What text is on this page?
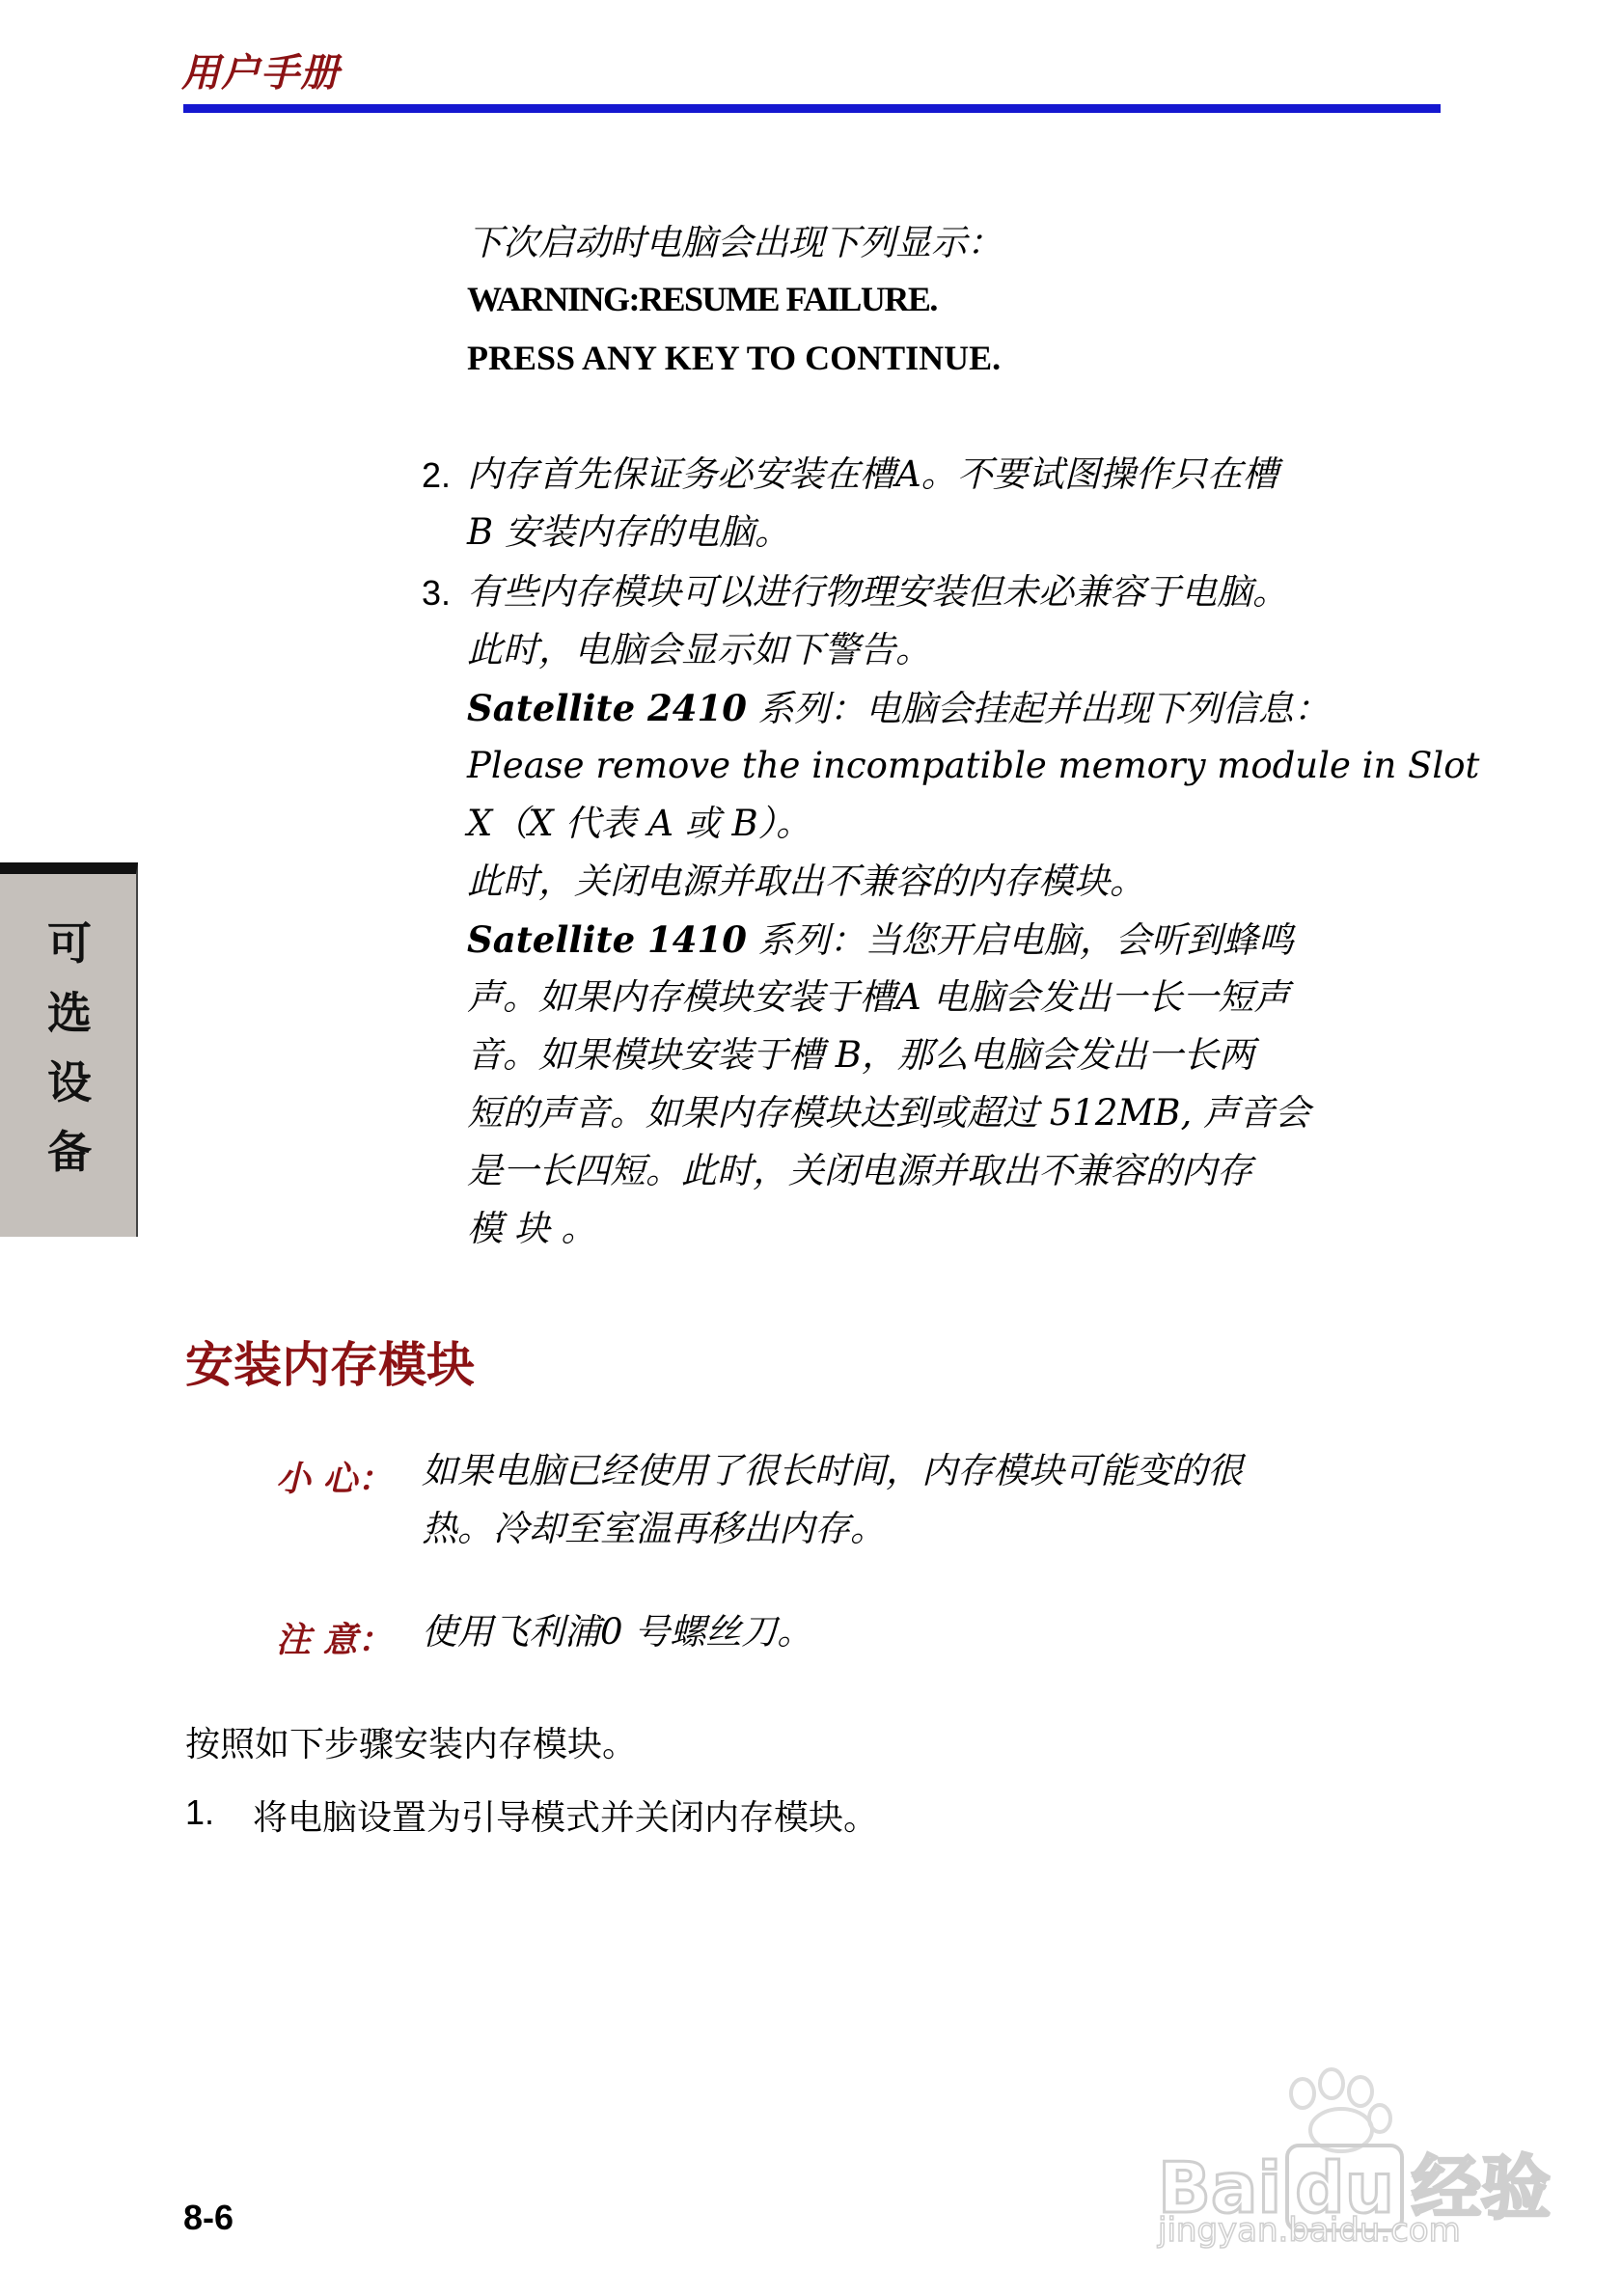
用户手册
下次启动时电脑会出现下列显示：
WARNING:RESUME FAILURE.
PRESS ANY KEY TO CONTINUE.
2. 内存首先保证务必安装在槽A。不要试图操作只在槽
B 安装内存的电脑。
3. 有些内存模块可以进行物理安装但未必兼容于电脑。
此时，电脑会显示如下警告。
Satellite 2410 系列：电脑会挂起并出现下列信息：
Please remove the incompatible memory module in Slot
X（X 代表 A 或 B）。
此时，关闭电源并取出不兼容的内存模块。
Satellite 1410 系列：当您开启电脑，会听到蜂鸣
声。如果内存模块安装于槽A 电脑会发出一长一短声
音。如果模块安装于槽 B，那么电脑会发出一长两
短的声音。如果内存模块达到或超过 512MB, 声音会
是一长四短。此时，关闭电源并取出不兼容的内存
模 块 。
可
选
设
备
安装内存模块
小 心： 如果电脑已经使用了很长时间，内存模块可能变的很
热。冷却至室温再移出内存。
注 意： 使用飞利浦0 号螺丝刀。
按照如下步骤安装内存模块。
1. 将电脑设置为引导模式并关闭内存模块。
8-6	Bai du 经验
jingyan.baidu.com
